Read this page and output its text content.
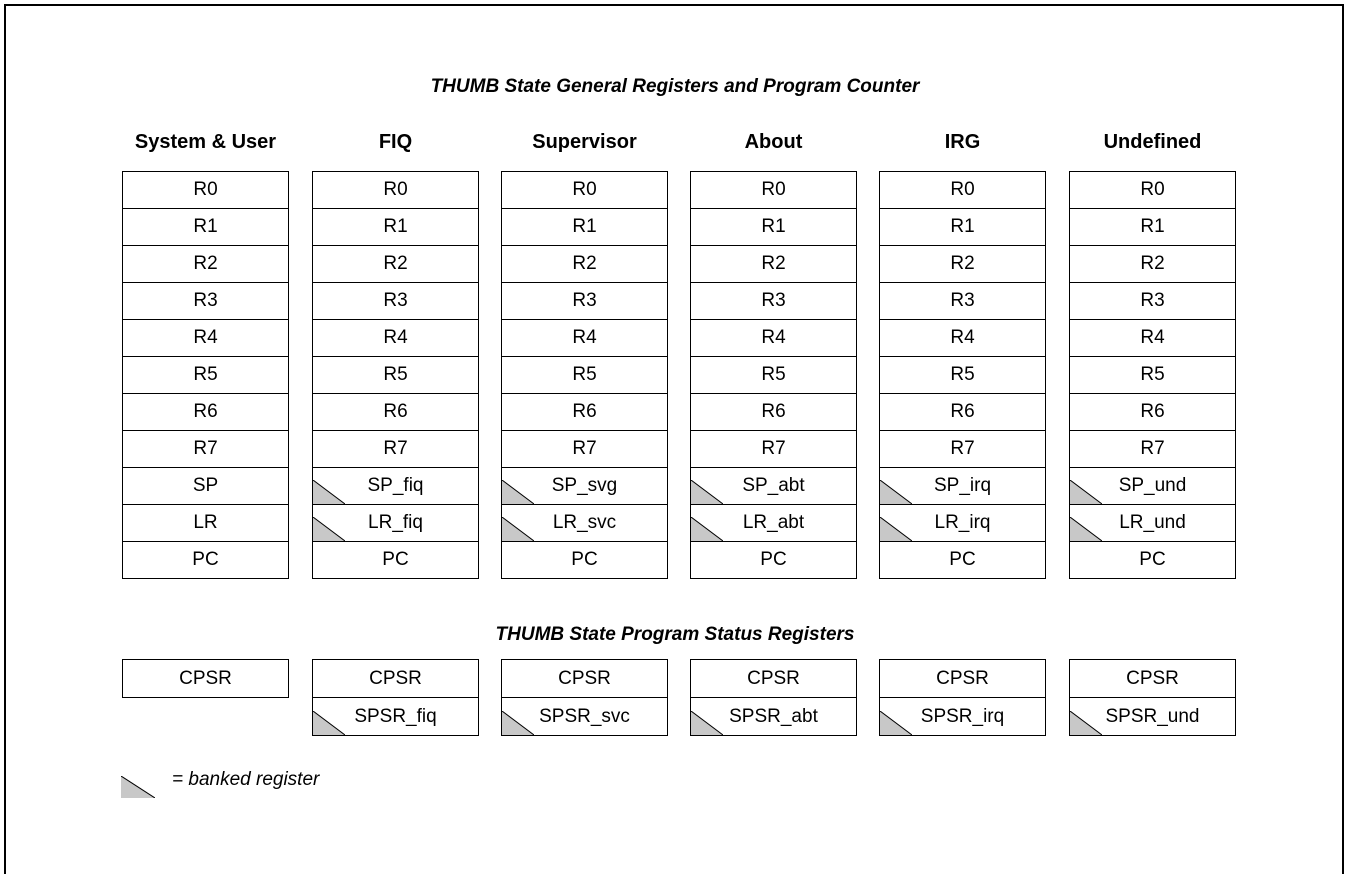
THUMB State General Registers and Program Counter
THUMB State Program Status Registers
System & User
R0
R1
R2
R3
R4
R5
R6
R7
SP
LR
PC
CPSR
FIQ
R0
R1
R2
R3
R4
R5
R6
R7
SP_fiq
LR_fiq
PC
CPSR
SPSR_fiq
Supervisor
R0
R1
R2
R3
R4
R5
R6
R7
SP_svg
LR_svc
PC
CPSR
SPSR_svc
About
R0
R1
R2
R3
R4
R5
R6
R7
SP_abt
LR_abt
PC
CPSR
SPSR_abt
IRG
R0
R1
R2
R3
R4
R5
R6
R7
SP_irq
LR_irq
PC
CPSR
SPSR_irq
Undefined
R0
R1
R2
R3
R4
R5
R6
R7
SP_und
LR_und
PC
CPSR
SPSR_und
= banked register
